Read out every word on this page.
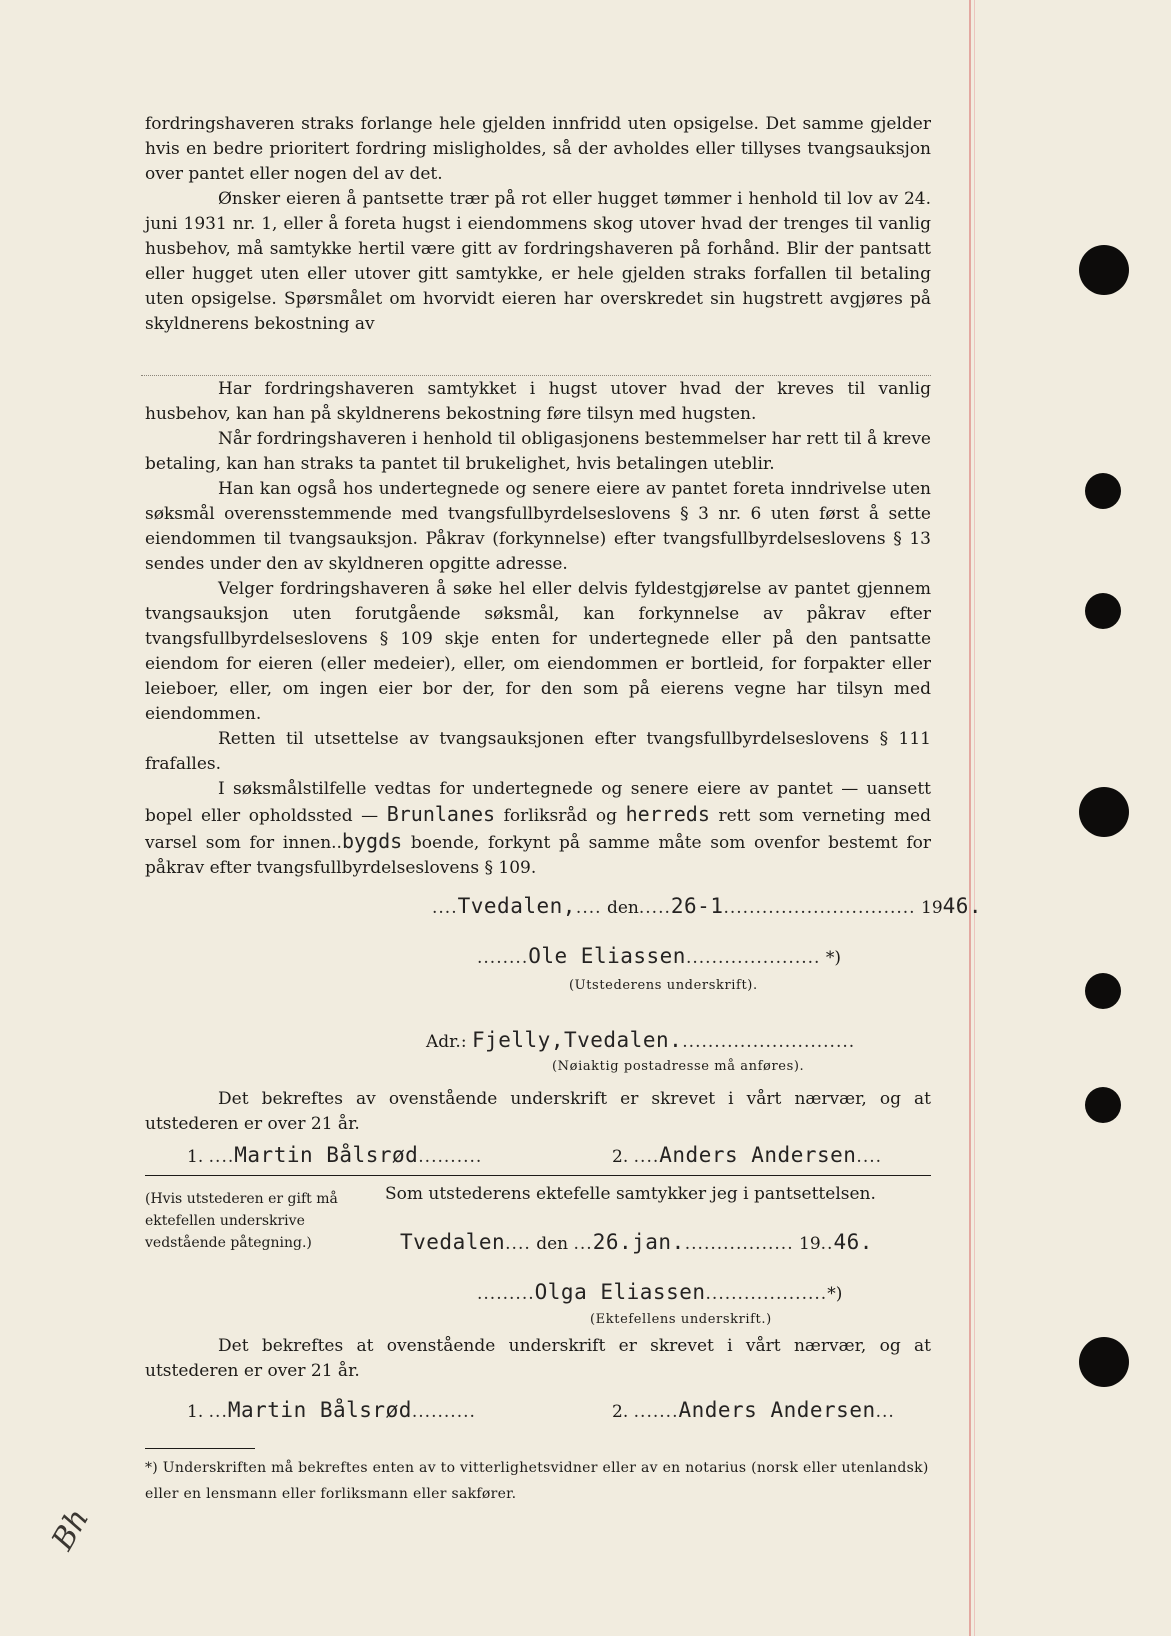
fordringshaveren straks forlange hele gjelden innfridd uten opsigelse. Det samme gjelder hvis en bedre prioritert fordring misligholdes, så der avholdes eller tillyses tvangsauksjon over pantet eller nogen del av det.

Ønsker eieren å pantsette trær på rot eller hugget tømmer i henhold til lov av 24. juni 1931 nr. 1, eller å foreta hugst i eiendommens skog utover hvad der trenges til vanlig husbehov, må samtykke hertil være gitt av fordringshaveren på forhånd. Blir der pantsatt eller hugget uten eller utover gitt samtykke, er hele gjelden straks forfallen til betaling uten opsigelse. Spørsmålet om hvorvidt eieren har overskredet sin hugstrett avgjøres på skyldnerens bekostning av

Har fordringshaveren samtykket i hugst utover hvad der kreves til vanlig husbehov, kan han på skyldnerens bekostning føre tilsyn med hugsten.

Når fordringshaveren i henhold til obligasjonens bestemmelser har rett til å kreve betaling, kan han straks ta pantet til brukelighet, hvis betalingen uteblir.

Han kan også hos undertegnede og senere eiere av pantet foreta inndrivelse uten søksmål overensstemmende med tvangsfullbyrdelseslovens § 3 nr. 6 uten først å sette eiendommen til tvangsauksjon. Påkrav (forkynnelse) efter tvangsfullbyrdelseslovens § 13 sendes under den av skyldneren opgitte adresse.

Velger fordringshaveren å søke hel eller delvis fyldestgjørelse av pantet gjennem tvangsauksjon uten forutgående søksmål, kan forkynnelse av påkrav efter tvangsfullbyrdelseslovens § 109 skje enten for undertegnede eller på den pantsatte eiendom for eieren (eller medeier), eller, om eiendommen er bortleid, for forpakter eller leieboer, eller, om ingen eier bor der, for den som på eierens vegne har tilsyn med eiendommen.

Retten til utsettelse av tvangsauksjonen efter tvangsfullbyrdelseslovens § 111 frafalles.

I søksmålstilfelle vedtas for undertegnede og senere eiere av pantet — uansett bopel eller opholdssted — Brunlanes forliksråd og herreds rett som verneting med varsel som for innen..bygds boende, forkynt på samme måte som ovenfor bestemt for påkrav efter tvangsfullbyrdelseslovens § 109.

....Tvedalen,.... den.....26-1.............................. 1946.
........Ole Eliassen..................... *)
(Utstederens underskrift).
Adr.: Fjelly,Tvedalen............................
(Nøiaktig postadresse må anføres).

Det bekreftes av ovenstående underskrift er skrevet i vårt nærvær, og at utstederen er over 21 år.

1. ....Martin Bålsrød..........	2. ....Anders Andersen....
(Hvis utstederen er gift må ektefellen underskrive vedstående påtegning.)
Som utstederens ektefelle samtykker jeg i pantsettelsen.
Tvedalen.... den ...26.jan.................. 19..46.
.........Olga Eliassen...................*)
(Ektefellens underskrift.)

Det bekreftes at ovenstående underskrift er skrevet i vårt nærvær, og at utstederen er over 21 år.

1. ...Martin Bålsrød..........	2. .......Anders Andersen...
*) Underskriften må bekreftes enten av to vitterlighetsvidner eller av en notarius (norsk eller utenlandsk) eller en lensmann eller forliksmann eller sakfører.
Bh
